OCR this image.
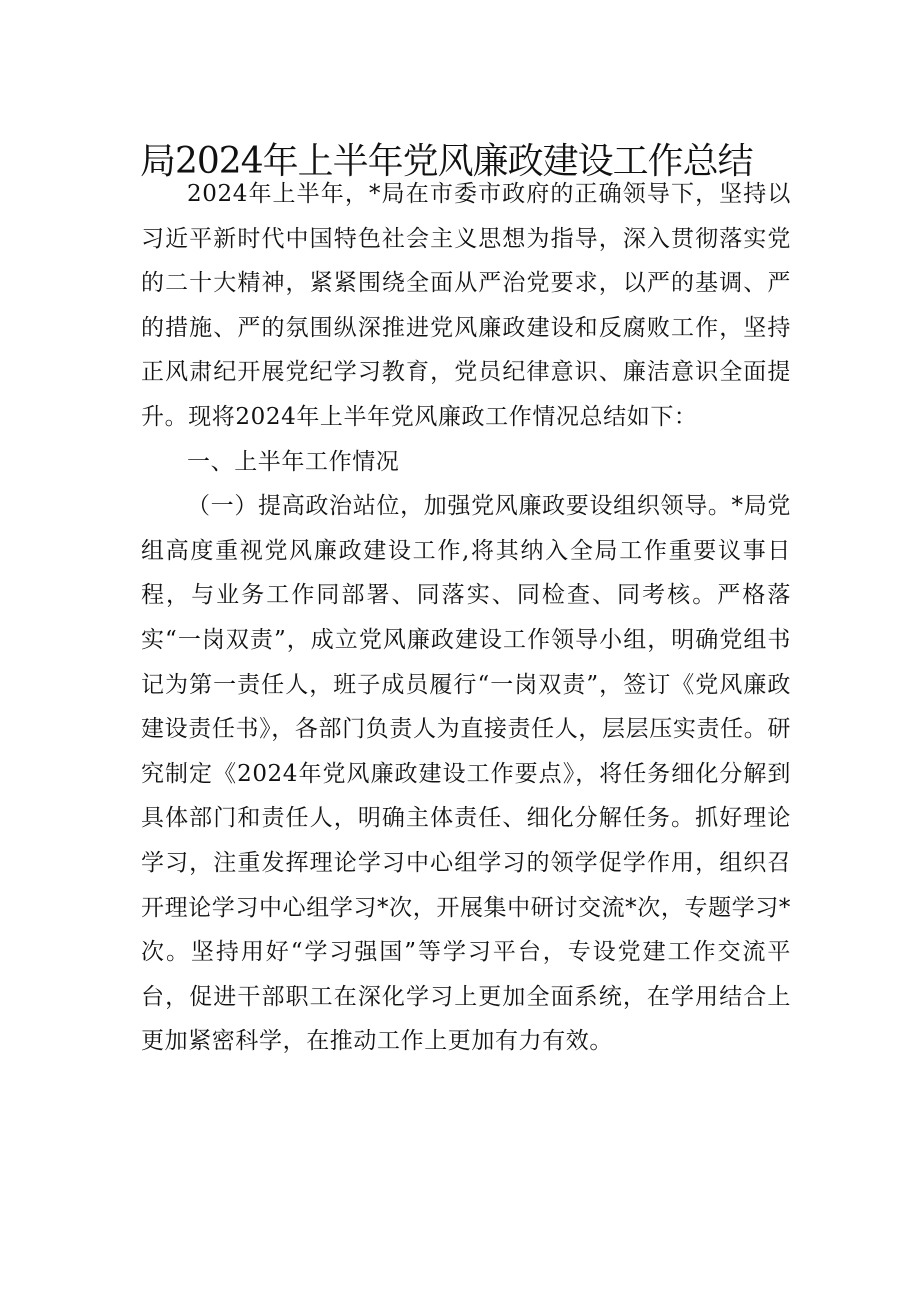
局2024年上半年党风廉政建设工作总结

2024年上半年，*局在市委市政府的正确领导下，坚持以习近平新时代中国特色社会主义思想为指导，深入贯彻落实党的二十大精神，紧紧围绕全面从严治党要求，以严的基调、严的措施、严的氛围纵深推进党风廉政建设和反腐败工作，坚持正风肃纪开展党纪学习教育，党员纪律意识、廉洁意识全面提升。现将2024年上半年党风廉政工作情况总结如下：

一、上半年工作情况

（一）提高政治站位，加强党风廉政要设组织领导。*局党组高度重视党风廉政建设工作,将其纳入全局工作重要议事日程，与业务工作同部署、同落实、同检查、同考核。严格落实“一岗双责”，成立党风廉政建设工作领导小组，明确党组书记为第一责任人，班子成员履行“一岗双责”，签订《党风廉政建设责任书》，各部门负责人为直接责任人，层层压实责任。研究制定《2024年党风廉政建设工作要点》，将任务细化分解到具体部门和责任人，明确主体责任、细化分解任务。抓好理论学习，注重发挥理论学习中心组学习的领学促学作用，组织召开理论学习中心组学习*次，开展集中研讨交流*次，专题学习*次。坚持用好“学习强国”等学习平台，专设党建工作交流平台，促进干部职工在深化学习上更加全面系统，在学用结合上更加紧密科学，在推动工作上更加有力有效。
